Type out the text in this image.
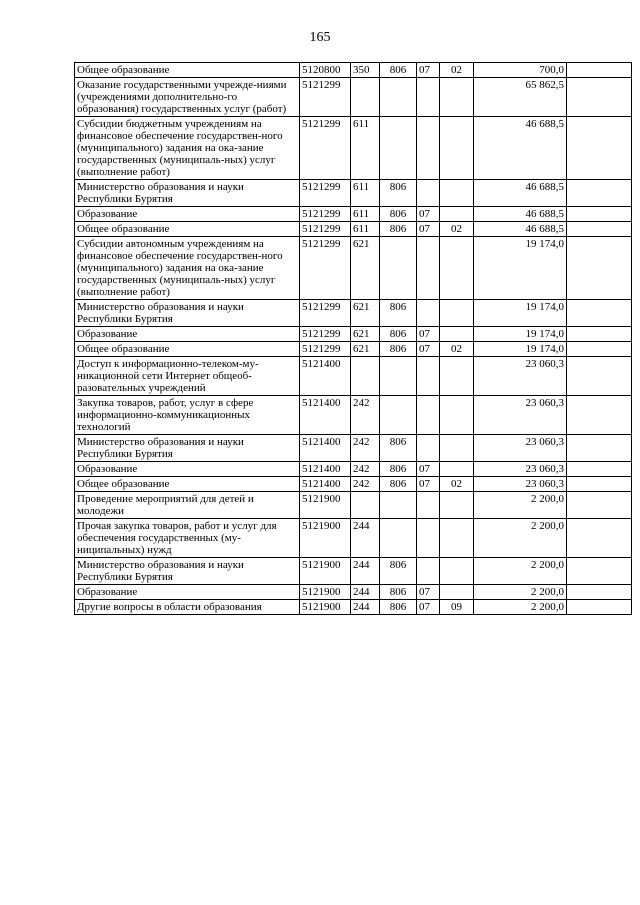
165
Общее образование	5120800	350	806	07	02	700,0	
Оказание государственными учрежде-ниями (учреждениями дополнительно-го образования) государственных услуг (работ)	5121299					65 862,5	
Субсидии бюджетным учреждениям на финансовое обеспечение государствен-ного (муниципального) задания на ока-зание государственных (муниципаль-ных) услуг (выполнение работ)	5121299	611				46 688,5	
Министерство образования и науки Республики Бурятия	5121299	611	806			46 688,5	
Образование	5121299	611	806	07		46 688,5	
Общее образование	5121299	611	806	07	02	46 688,5	
Субсидии автономным учреждениям на финансовое обеспечение государствен-ного (муниципального) задания на ока-зание государственных (муниципаль-ных) услуг (выполнение работ)	5121299	621				19 174,0	
Министерство образования и науки Республики Бурятия	5121299	621	806			19 174,0	
Образование	5121299	621	806	07		19 174,0	
Общее образование	5121299	621	806	07	02	19 174,0	
Доступ к информационно-телеком-му-никационной сети Интернет общеоб-разовательных учреждений	5121400					23 060,3	
Закупка товаров, работ, услуг в сфере информационно-коммуникационных технологий	5121400	242				23 060,3	
Министерство образования и науки Республики Бурятия	5121400	242	806			23 060,3	
Образование	5121400	242	806	07		23 060,3	
Общее образование	5121400	242	806	07	02	23 060,3	
Проведение мероприятий для детей и молодежи	5121900					2 200,0	
Прочая закупка товаров, работ и услуг для обеспечения государственных (му-ниципальных) нужд	5121900	244				2 200,0	
Министерство образования и науки Республики Бурятия	5121900	244	806			2 200,0	
Образование	5121900	244	806	07		2 200,0	
Другие вопросы в области образования	5121900	244	806	07	09	2 200,0	
